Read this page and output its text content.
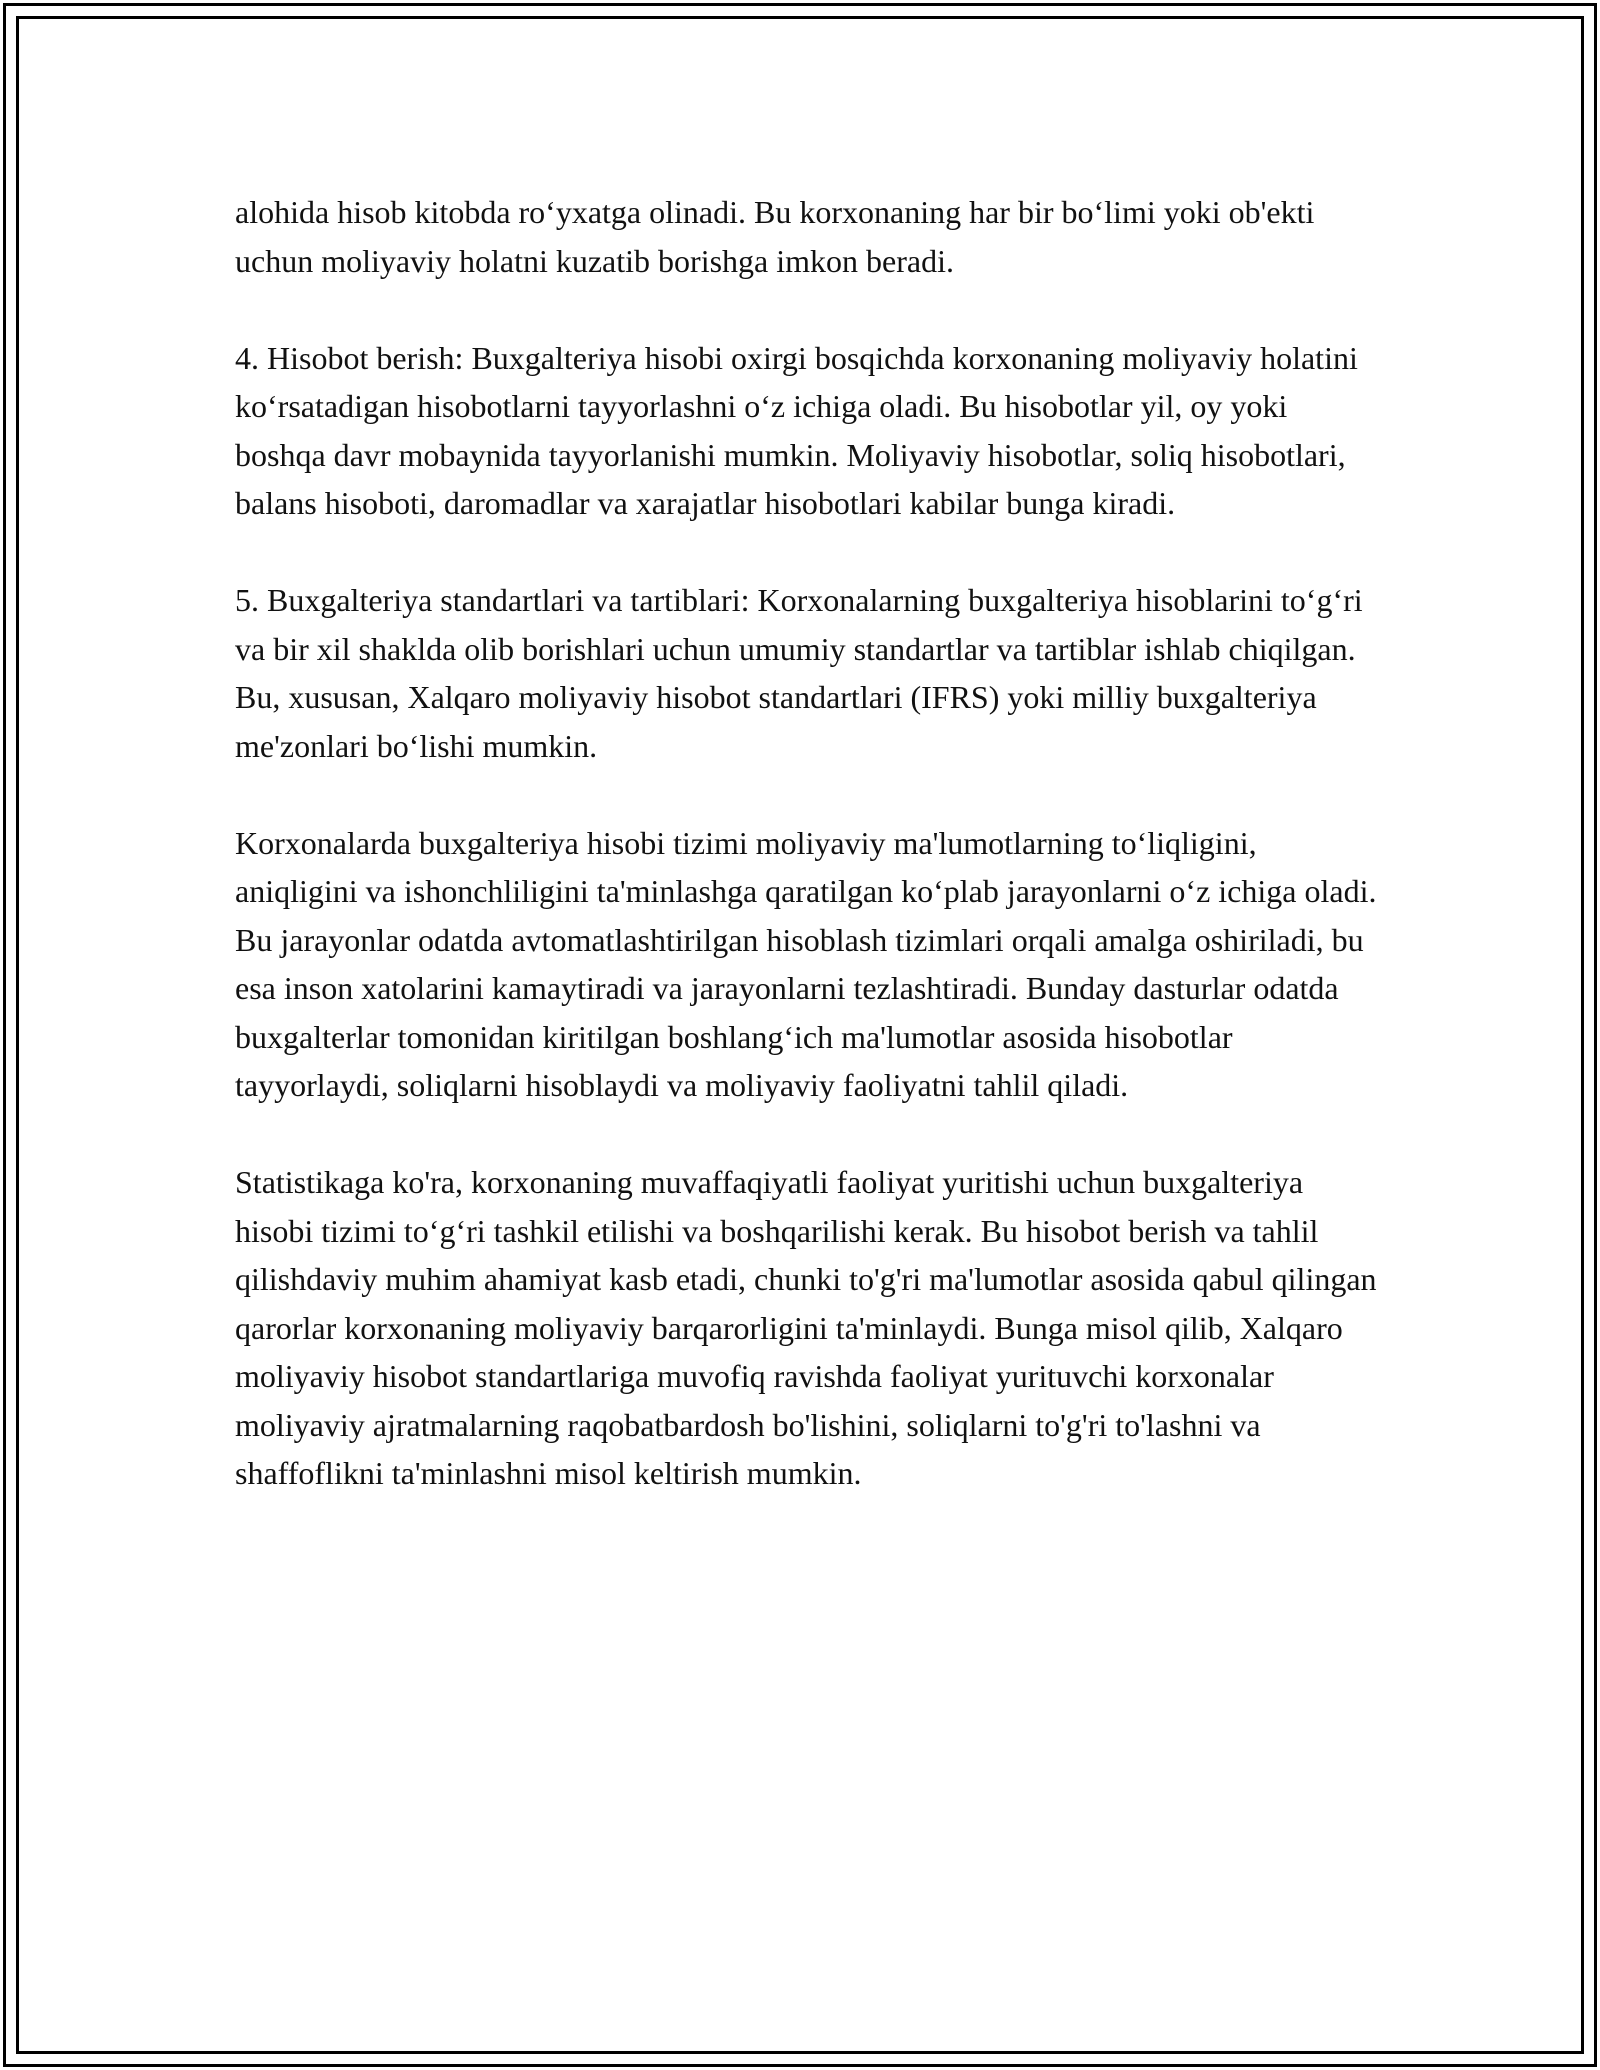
alohida hisob kitobda ro‘yxatga olinadi. Bu korxonaning har bir bo‘limi yoki ob'ekti uchun moliyaviy holatni kuzatib borishga imkon beradi.

4. Hisobot berish: Buxgalteriya hisobi oxirgi bosqichda korxonaning moliyaviy holatini ko‘rsatadigan hisobotlarni tayyorlashni o‘z ichiga oladi. Bu hisobotlar yil, oy yoki boshqa davr mobaynida tayyorlanishi mumkin. Moliyaviy hisobotlar, soliq hisobotlari, balans hisoboti, daromadlar va xarajatlar hisobotlari kabilar bunga kiradi.

5. Buxgalteriya standartlari va tartiblari: Korxonalarning buxgalteriya hisoblarini to‘g‘ri va bir xil shaklda olib borishlari uchun umumiy standartlar va tartiblar ishlab chiqilgan. Bu, xususan, Xalqaro moliyaviy hisobot standartlari (IFRS) yoki milliy buxgalteriya me'zonlari bo‘lishi mumkin.

Korxonalarda buxgalteriya hisobi tizimi moliyaviy ma'lumotlarning to‘liqligini, aniqligini va ishonchliligini ta'minlashga qaratilgan ko‘plab jarayonlarni o‘z ichiga oladi. Bu jarayonlar odatda avtomatlashtirilgan hisoblash tizimlari orqali amalga oshiriladi, bu esa inson xatolarini kamaytiradi va jarayonlarni tezlashtiradi. Bunday dasturlar odatda buxgalterlar tomonidan kiritilgan boshlang‘ich ma'lumotlar asosida hisobotlar tayyorlaydi, soliqlarni hisoblaydi va moliyaviy faoliyatni tahlil qiladi.

Statistikaga ko'ra, korxonaning muvaffaqiyatli faoliyat yuritishi uchun buxgalteriya hisobi tizimi to‘g‘ri tashkil etilishi va boshqarilishi kerak. Bu hisobot berish va tahlil qilishdaviy muhim ahamiyat kasb etadi, chunki to'g'ri ma'lumotlar asosida qabul qilingan qarorlar korxonaning moliyaviy barqarorligini ta'minlaydi. Bunga misol qilib, Xalqaro moliyaviy hisobot standartlariga muvofiq ravishda faoliyat yurituvchi korxonalar moliyaviy ajratmalarning raqobatbardosh bo'lishini, soliqlarni to'g'ri to'lashni va shaffoflikni ta'minlashni misol keltirish mumkin.
